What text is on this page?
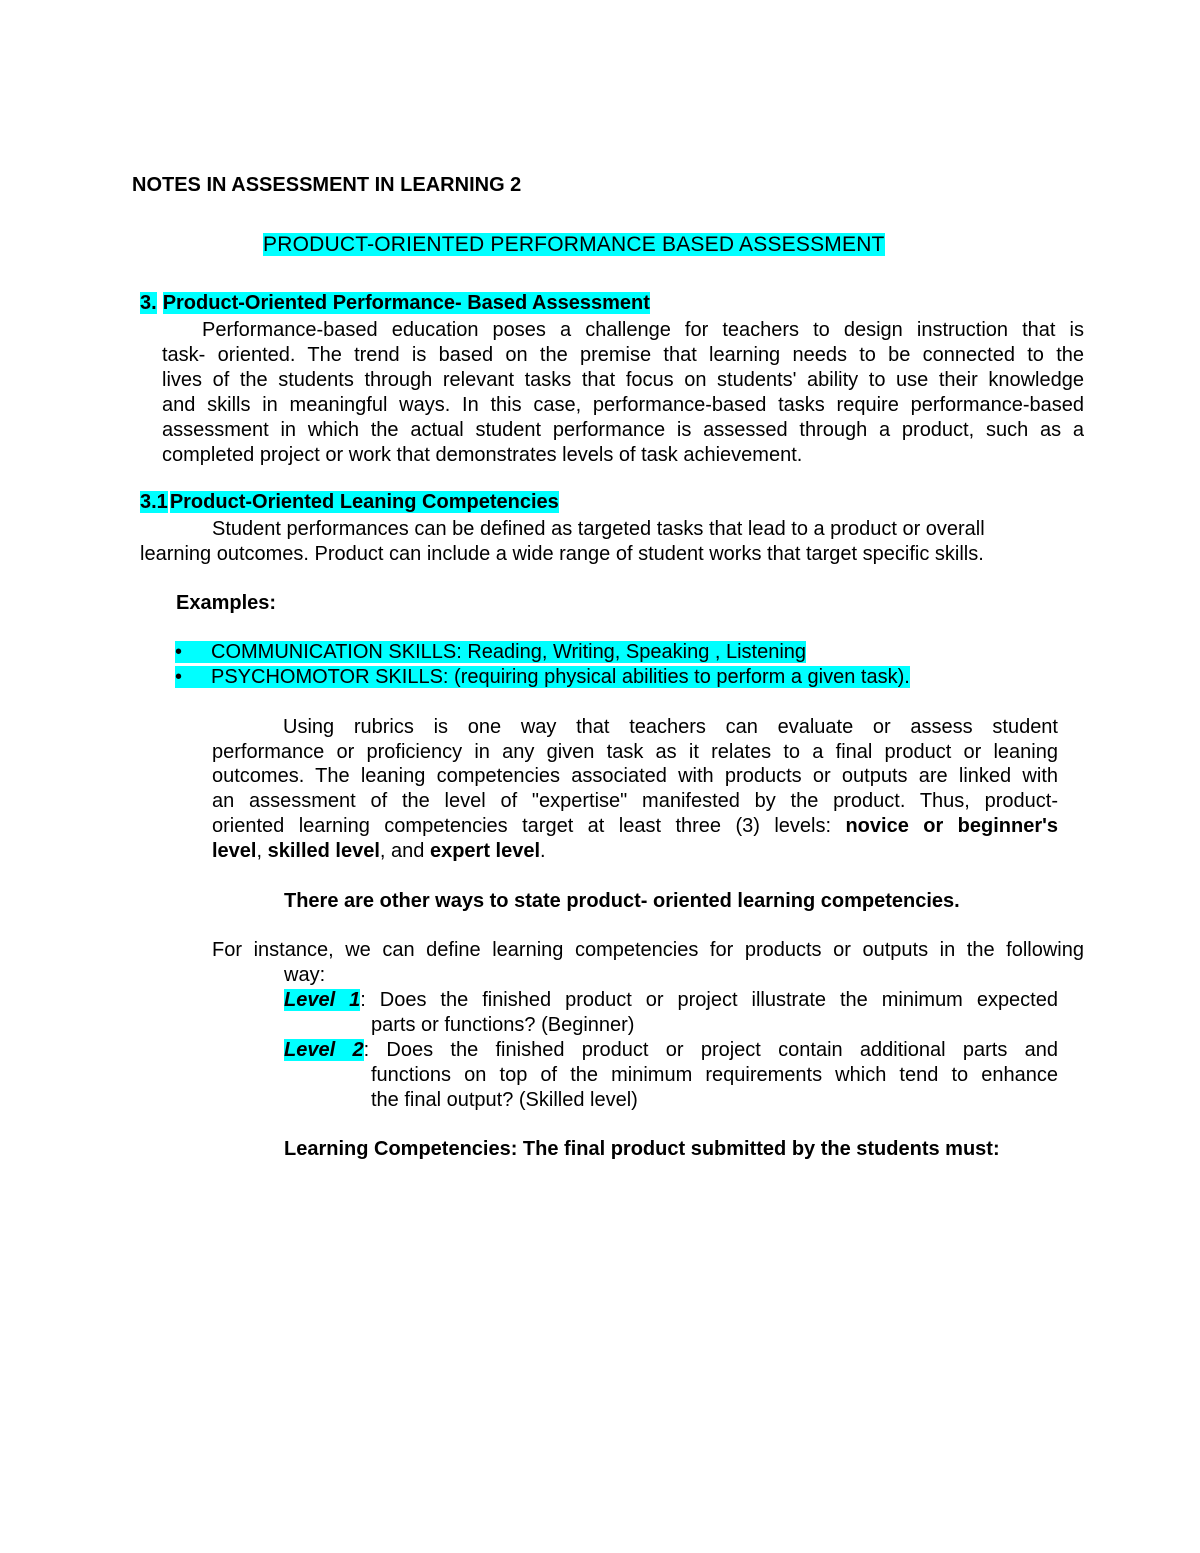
NOTES IN ASSESSMENT IN LEARNING 2
PRODUCT-ORIENTED PERFORMANCE BASED ASSESSMENT
3. Product-Oriented Performance- Based Assessment
Performance-based education poses a challenge for teachers to design instruction that is
task- oriented. The trend is based on the premise that learning needs to be connected to the
lives of the students through relevant tasks that focus on students' ability to use their knowledge
and skills in meaningful ways. In this case, performance-based tasks require performance-based
assessment in which the actual student performance is assessed through a product, such as a
completed project or work that demonstrates levels of task achievement.
3.1 Product-Oriented Leaning Competencies
Student performances can be defined as targeted tasks that lead to a product or overall
learning outcomes. Product can include a wide range of student works that target specific skills.
Examples:
• COMMUNICATION SKILLS: Reading, Writing, Speaking , Listening
• PSYCHOMOTOR SKILLS: (requiring physical abilities to perform a given task).
Using rubrics is one way that teachers can evaluate or assess student
performance or proficiency in any given task as it relates to a final product or leaning
outcomes. The leaning competencies associated with products or outputs are linked with
an assessment of the level of "expertise" manifested by the product. Thus, product-
oriented learning competencies target at least three (3) levels: novice or beginner's
level, skilled level, and expert level.
There are other ways to state product- oriented learning competencies.
For instance, we can define learning competencies for products or outputs in the following
way:
Level 1: Does the finished product or project illustrate the minimum expected
parts or functions? (Beginner)
Level 2: Does the finished product or project contain additional parts and
functions on top of the minimum requirements which tend to enhance
the final output? (Skilled level)
Learning Competencies: The final product submitted by the students must:
